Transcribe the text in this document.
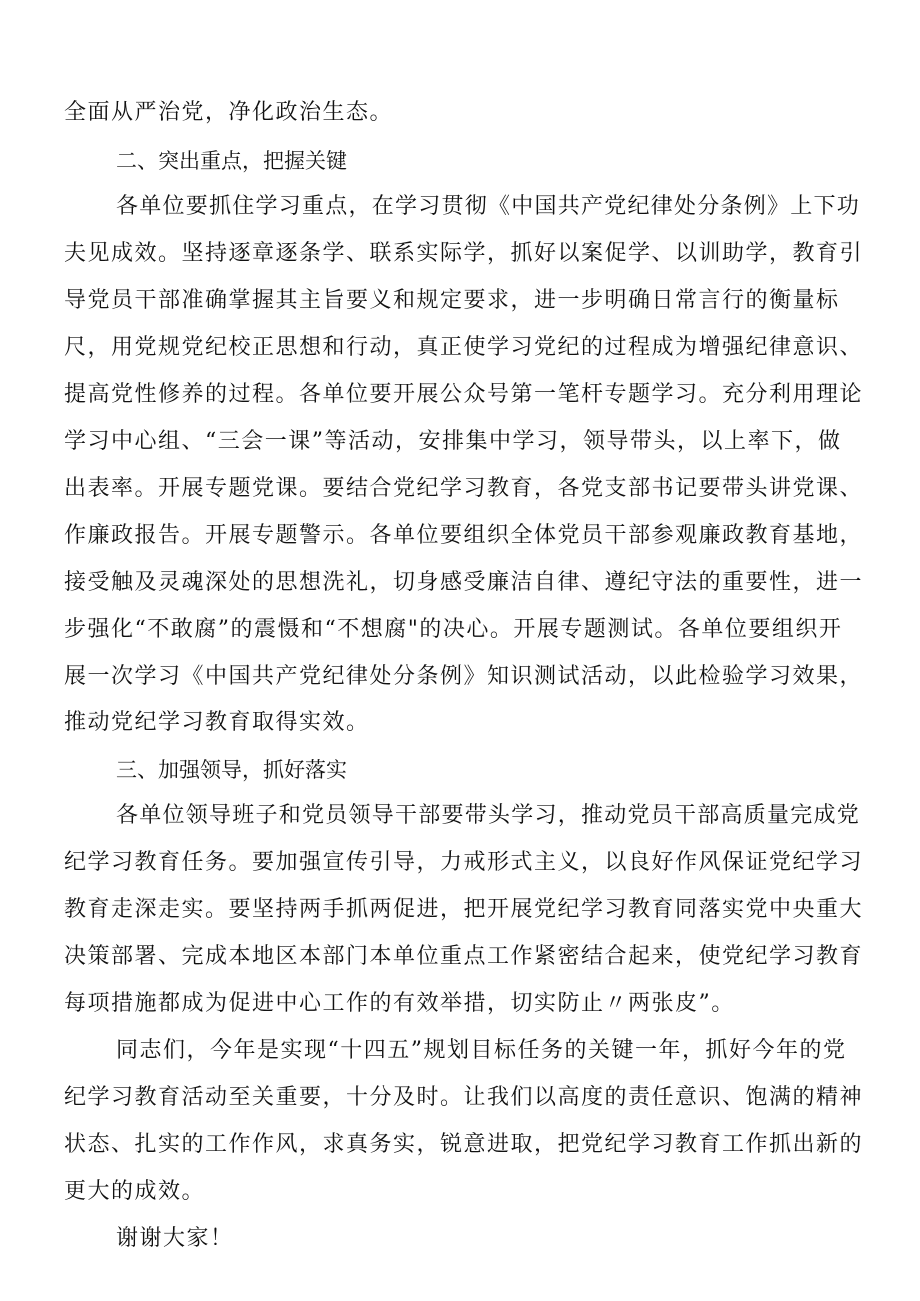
全面从严治党，净化政治生态。
二、突出重点，把握关键
各单位要抓住学习重点，在学习贯彻《中国共产党纪律处分条例》上下功
夫见成效。坚持逐章逐条学、联系实际学，抓好以案促学、以训助学，教育引
导党员干部准确掌握其主旨要义和规定要求，进一步明确日常言行的衡量标
尺，用党规党纪校正思想和行动，真正使学习党纪的过程成为增强纪律意识、
提高党性修养的过程。各单位要开展公众号第一笔杆专题学习。充分利用理论
学习中心组、“三会一课”等活动，安排集中学习，领导带头，以上率下，做
出表率。开展专题党课。要结合党纪学习教育，各党支部书记要带头讲党课、
作廉政报告。开展专题警示。各单位要组织全体党员干部参观廉政教育基地，
接受触及灵魂深处的思想洗礼，切身感受廉洁自律、遵纪守法的重要性，进一
步强化“不敢腐”的震慑和“不想腐"的决心。开展专题测试。各单位要组织开
展一次学习《中国共产党纪律处分条例》知识测试活动，以此检验学习效果，
推动党纪学习教育取得实效。
三、加强领导，抓好落实
各单位领导班子和党员领导干部要带头学习，推动党员干部高质量完成党
纪学习教育任务。要加强宣传引导，力戒形式主义，以良好作风保证党纪学习
教育走深走实。要坚持两手抓两促进，把开展党纪学习教育同落实党中央重大
决策部署、完成本地区本部门本单位重点工作紧密结合起来，使党纪学习教育
每项措施都成为促进中心工作的有效举措，切实防止〃两张皮”。
同志们，今年是实现“十四五”规划目标任务的关键一年，抓好今年的党
纪学习教育活动至关重要，十分及时。让我们以高度的责任意识、饱满的精神
状态、扎实的工作作风，求真务实，锐意进取，把党纪学习教育工作抓出新的
更大的成效。
谢谢大家！
